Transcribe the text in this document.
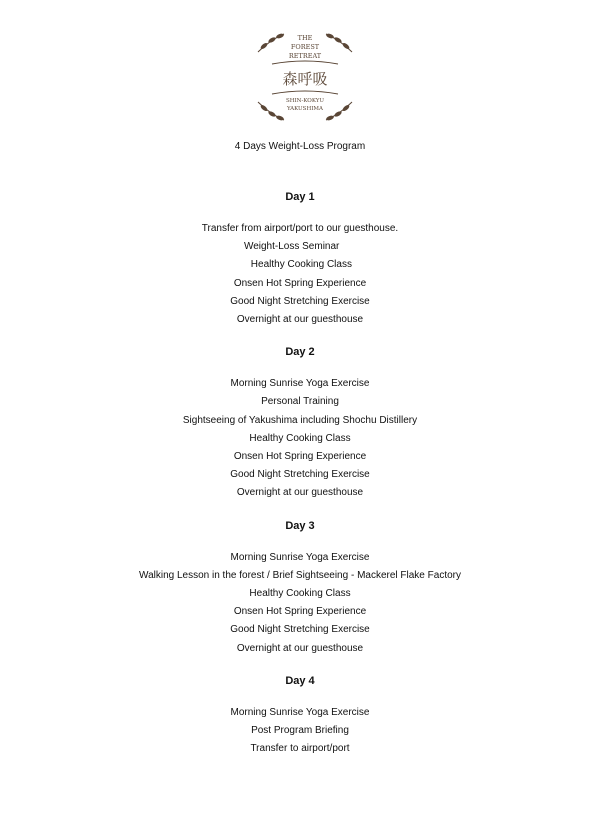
THE
FOREST
RETREAT
森呼吸
SHIN-KOKYU
YAKUSHIMA
4 Days Weight-Loss Program
Day 1
Transfer from airport/port to our guesthouse.
Weight-Loss Seminar
Healthy Cooking Class
Onsen Hot Spring Experience
Good Night Stretching Exercise
Overnight at our guesthouse
Day 2
Morning Sunrise Yoga Exercise
Personal Training
Sightseeing of Yakushima including Shochu Distillery
Healthy Cooking Class
Onsen Hot Spring Experience
Good Night Stretching Exercise
Overnight at our guesthouse
Day 3
Morning Sunrise Yoga Exercise
Walking Lesson in the forest / Brief Sightseeing - Mackerel Flake Factory
Healthy Cooking Class
Onsen Hot Spring Experience
Good Night Stretching Exercise
Overnight at our guesthouse
Day 4
Morning Sunrise Yoga Exercise
Post Program Briefing
Transfer to airport/port
